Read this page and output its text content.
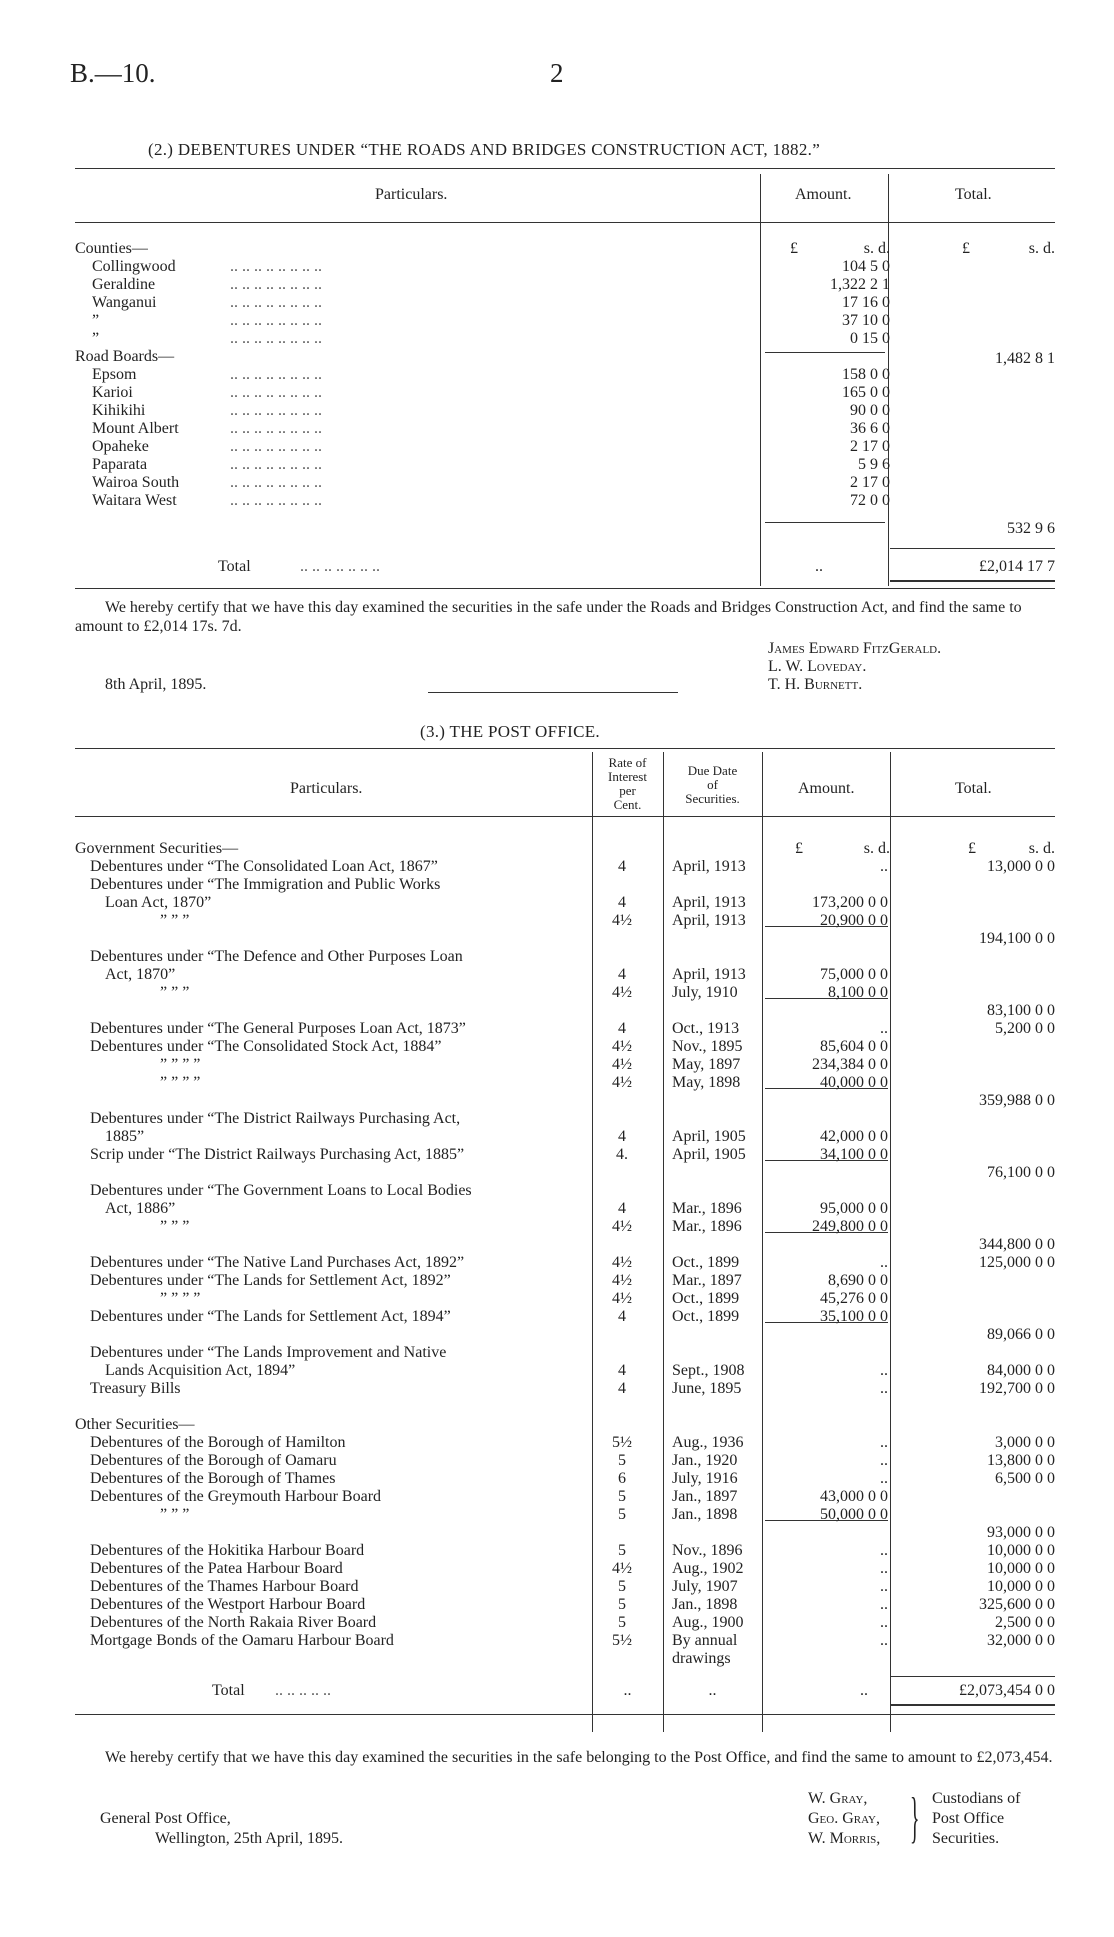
B.—10.	2
(2.) DEBENTURES UNDER “THE ROADS AND BRIDGES CONSTRUCTION ACT, 1882.”
Particulars.	Amount.	Total.
£	s. d.	£	s. d.
Counties—
Collingwood	.. .. .. .. .. .. .. ..	104 5 0
Geraldine	.. .. .. .. .. .. .. ..	1,322 2 1
Wanganui	.. .. .. .. .. .. .. ..	17 16 0
”	.. .. .. .. .. .. .. ..	37 10 0
”	.. .. .. .. .. .. .. ..	0 15 0
1,482 8 1
Road Boards—
Epsom	.. .. .. .. .. .. .. ..	158 0 0
Karioi	.. .. .. .. .. .. .. ..	165 0 0
Kihikihi	.. .. .. .. .. .. .. ..	90 0 0
Mount Albert	.. .. .. .. .. .. .. ..	36 6 0
Opaheke	.. .. .. .. .. .. .. ..	2 17 0
Paparata	.. .. .. .. .. .. .. ..	5 9 6
Wairoa South	.. .. .. .. .. .. .. ..	2 17 0
Waitara West	.. .. .. .. .. .. .. ..	72 0 0
532 9 6
Total	.. .. .. .. .. .. ..	..	£2,014 17 7
We hereby certify that we have this day examined the securities in the safe under the Roads and Bridges Construction Act, and find the same to amount to £2,014 17s. 7d.
James Edward FitzGerald.
L. W. Loveday.
T. H. Burnett.
8th April, 1895.
(3.) THE POST OFFICE.
Particulars.
Rate of
Interest
per
Cent.
Due Date
of
Securities.
Amount.	Total.
£	s. d.	£	s. d.
Government Securities—
Debentures under “The Consolidated Loan Act, 1867”	4	April, 1913	..	13,000 0 0
Debentures under “The Immigration and Public Works
Loan Act, 1870”	4	April, 1913	173,200 0 0
” ” ”	4½	April, 1913	20,900 0 0
194,100 0 0
Debentures under “The Defence and Other Purposes Loan
Act, 1870”	4	April, 1913	75,000 0 0
” ” ”	4½	July, 1910	8,100 0 0
83,100 0 0
Debentures under “The General Purposes Loan Act, 1873”	4	Oct., 1913	..	5,200 0 0
Debentures under “The Consolidated Stock Act, 1884”	4½	Nov., 1895	85,604 0 0
” ” ” ”	4½	May, 1897	234,384 0 0
” ” ” ”	4½	May, 1898	40,000 0 0
359,988 0 0
Debentures under “The District Railways Purchasing Act,
1885”	4	April, 1905	42,000 0 0
Scrip under “The District Railways Purchasing Act, 1885”	4.	April, 1905	34,100 0 0
76,100 0 0
Debentures under “The Government Loans to Local Bodies
Act, 1886”	4	Mar., 1896	95,000 0 0
” ” ”	4½	Mar., 1896	249,800 0 0
344,800 0 0
Debentures under “The Native Land Purchases Act, 1892”	4½	Oct., 1899	..	125,000 0 0
Debentures under “The Lands for Settlement Act, 1892”	4½	Mar., 1897	8,690 0 0
” ” ” ”	4½	Oct., 1899	45,276 0 0
Debentures under “The Lands for Settlement Act, 1894”	4	Oct., 1899	35,100 0 0
89,066 0 0
Debentures under “The Lands Improvement and Native
Lands Acquisition Act, 1894”	4	Sept., 1908	..	84,000 0 0
Treasury Bills	4	June, 1895	..	192,700 0 0
Other Securities—
Debentures of the Borough of Hamilton	5½	Aug., 1936	..	3,000 0 0
Debentures of the Borough of Oamaru	5	Jan., 1920	..	13,800 0 0
Debentures of the Borough of Thames	6	July, 1916	..	6,500 0 0
Debentures of the Greymouth Harbour Board	5	Jan., 1897	43,000 0 0
” ” ”	5	Jan., 1898	50,000 0 0
93,000 0 0
Debentures of the Hokitika Harbour Board	5	Nov., 1896	..	10,000 0 0
Debentures of the Patea Harbour Board	4½	Aug., 1902	..	10,000 0 0
Debentures of the Thames Harbour Board	5	July, 1907	..	10,000 0 0
Debentures of the Westport Harbour Board	5	Jan., 1898	..	325,600 0 0
Debentures of the North Rakaia River Board	5	Aug., 1900	..	2,500 0 0
Mortgage Bonds of the Oamaru Harbour Board	5½	By annual	..	32,000 0 0
drawings
Total .. .. .. .. ..	..	..	..	£2,073,454 0 0
We hereby certify that we have this day examined the securities in the safe belonging to the Post Office, and find the same to amount to £2,073,454.
General Post Office,
Wellington, 25th April, 1895.
W. Gray,
Geo. Gray,
W. Morris, } Custodians of
Post Office
Securities.
